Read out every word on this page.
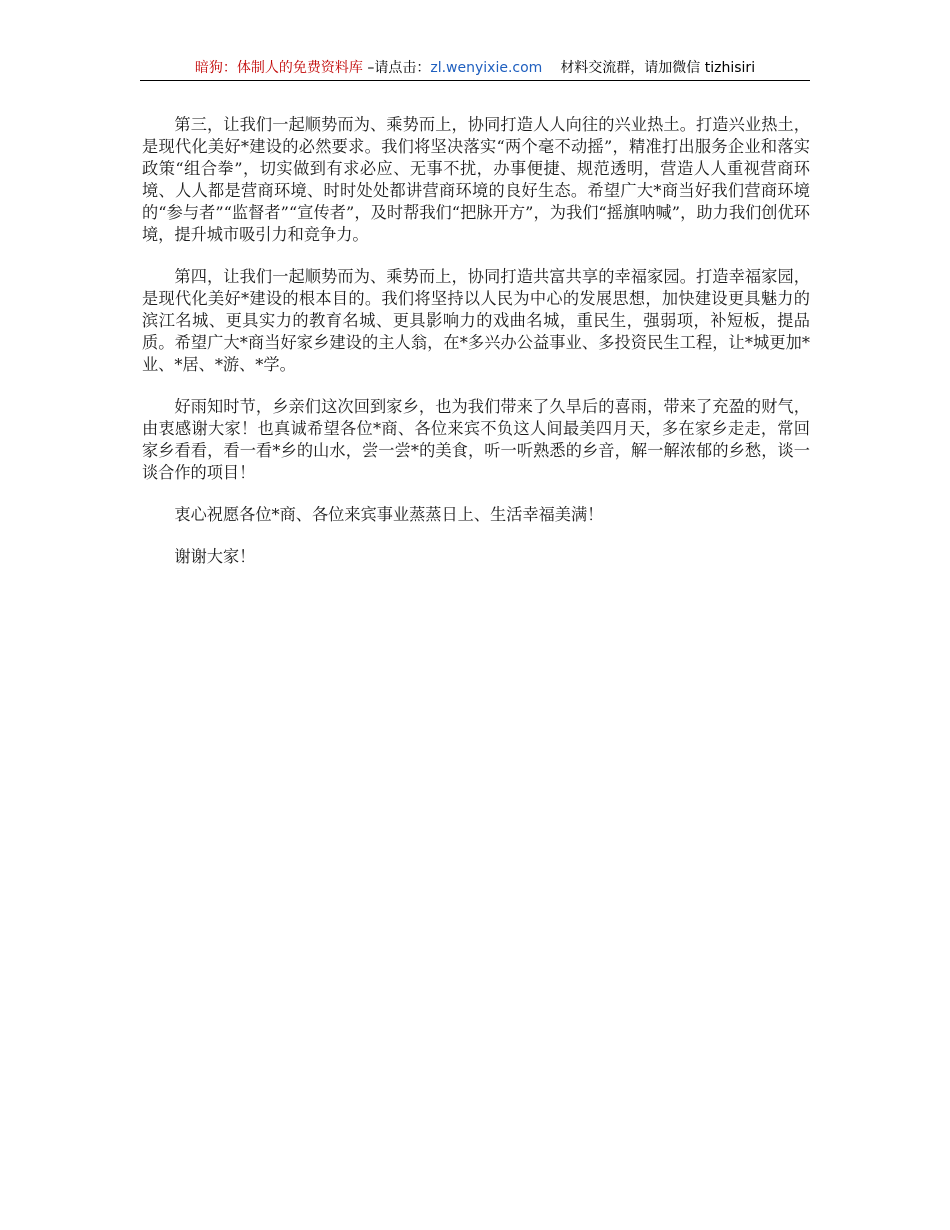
暗狗：体制人的免费资料库 –请点击：zl.wenyixie.com 材料交流群，请加微信 tizhisiri

第三，让我们一起顺势而为、乘势而上，协同打造人人向往的兴业热土。打造兴业热土，是现代化美好*建设的必然要求。我们将坚决落实“两个毫不动摇”，精准打出服务企业和落实政策“组合拳”，切实做到有求必应、无事不扰，办事便捷、规范透明，营造人人重视营商环境、人人都是营商环境、时时处处都讲营商环境的良好生态。希望广大*商当好我们营商环境的“参与者”“监督者”“宣传者”，及时帮我们“把脉开方”，为我们“摇旗呐喊”，助力我们创优环境，提升城市吸引力和竞争力。

第四，让我们一起顺势而为、乘势而上，协同打造共富共享的幸福家园。打造幸福家园，是现代化美好*建设的根本目的。我们将坚持以人民为中心的发展思想，加快建设更具魅力的滨江名城、更具实力的教育名城、更具影响力的戏曲名城，重民生，强弱项，补短板，提品质。希望广大*商当好家乡建设的主人翁，在*多兴办公益事业、多投资民生工程，让*城更加*业、*居、*游、*学。

好雨知时节，乡亲们这次回到家乡，也为我们带来了久旱后的喜雨，带来了充盈的财气，由衷感谢大家！也真诚希望各位*商、各位来宾不负这人间最美四月天，多在家乡走走，常回家乡看看，看一看*乡的山水，尝一尝*的美食，听一听熟悉的乡音，解一解浓郁的乡愁，谈一谈合作的项目！

衷心祝愿各位*商、各位来宾事业蒸蒸日上、生活幸福美满！

谢谢大家！
